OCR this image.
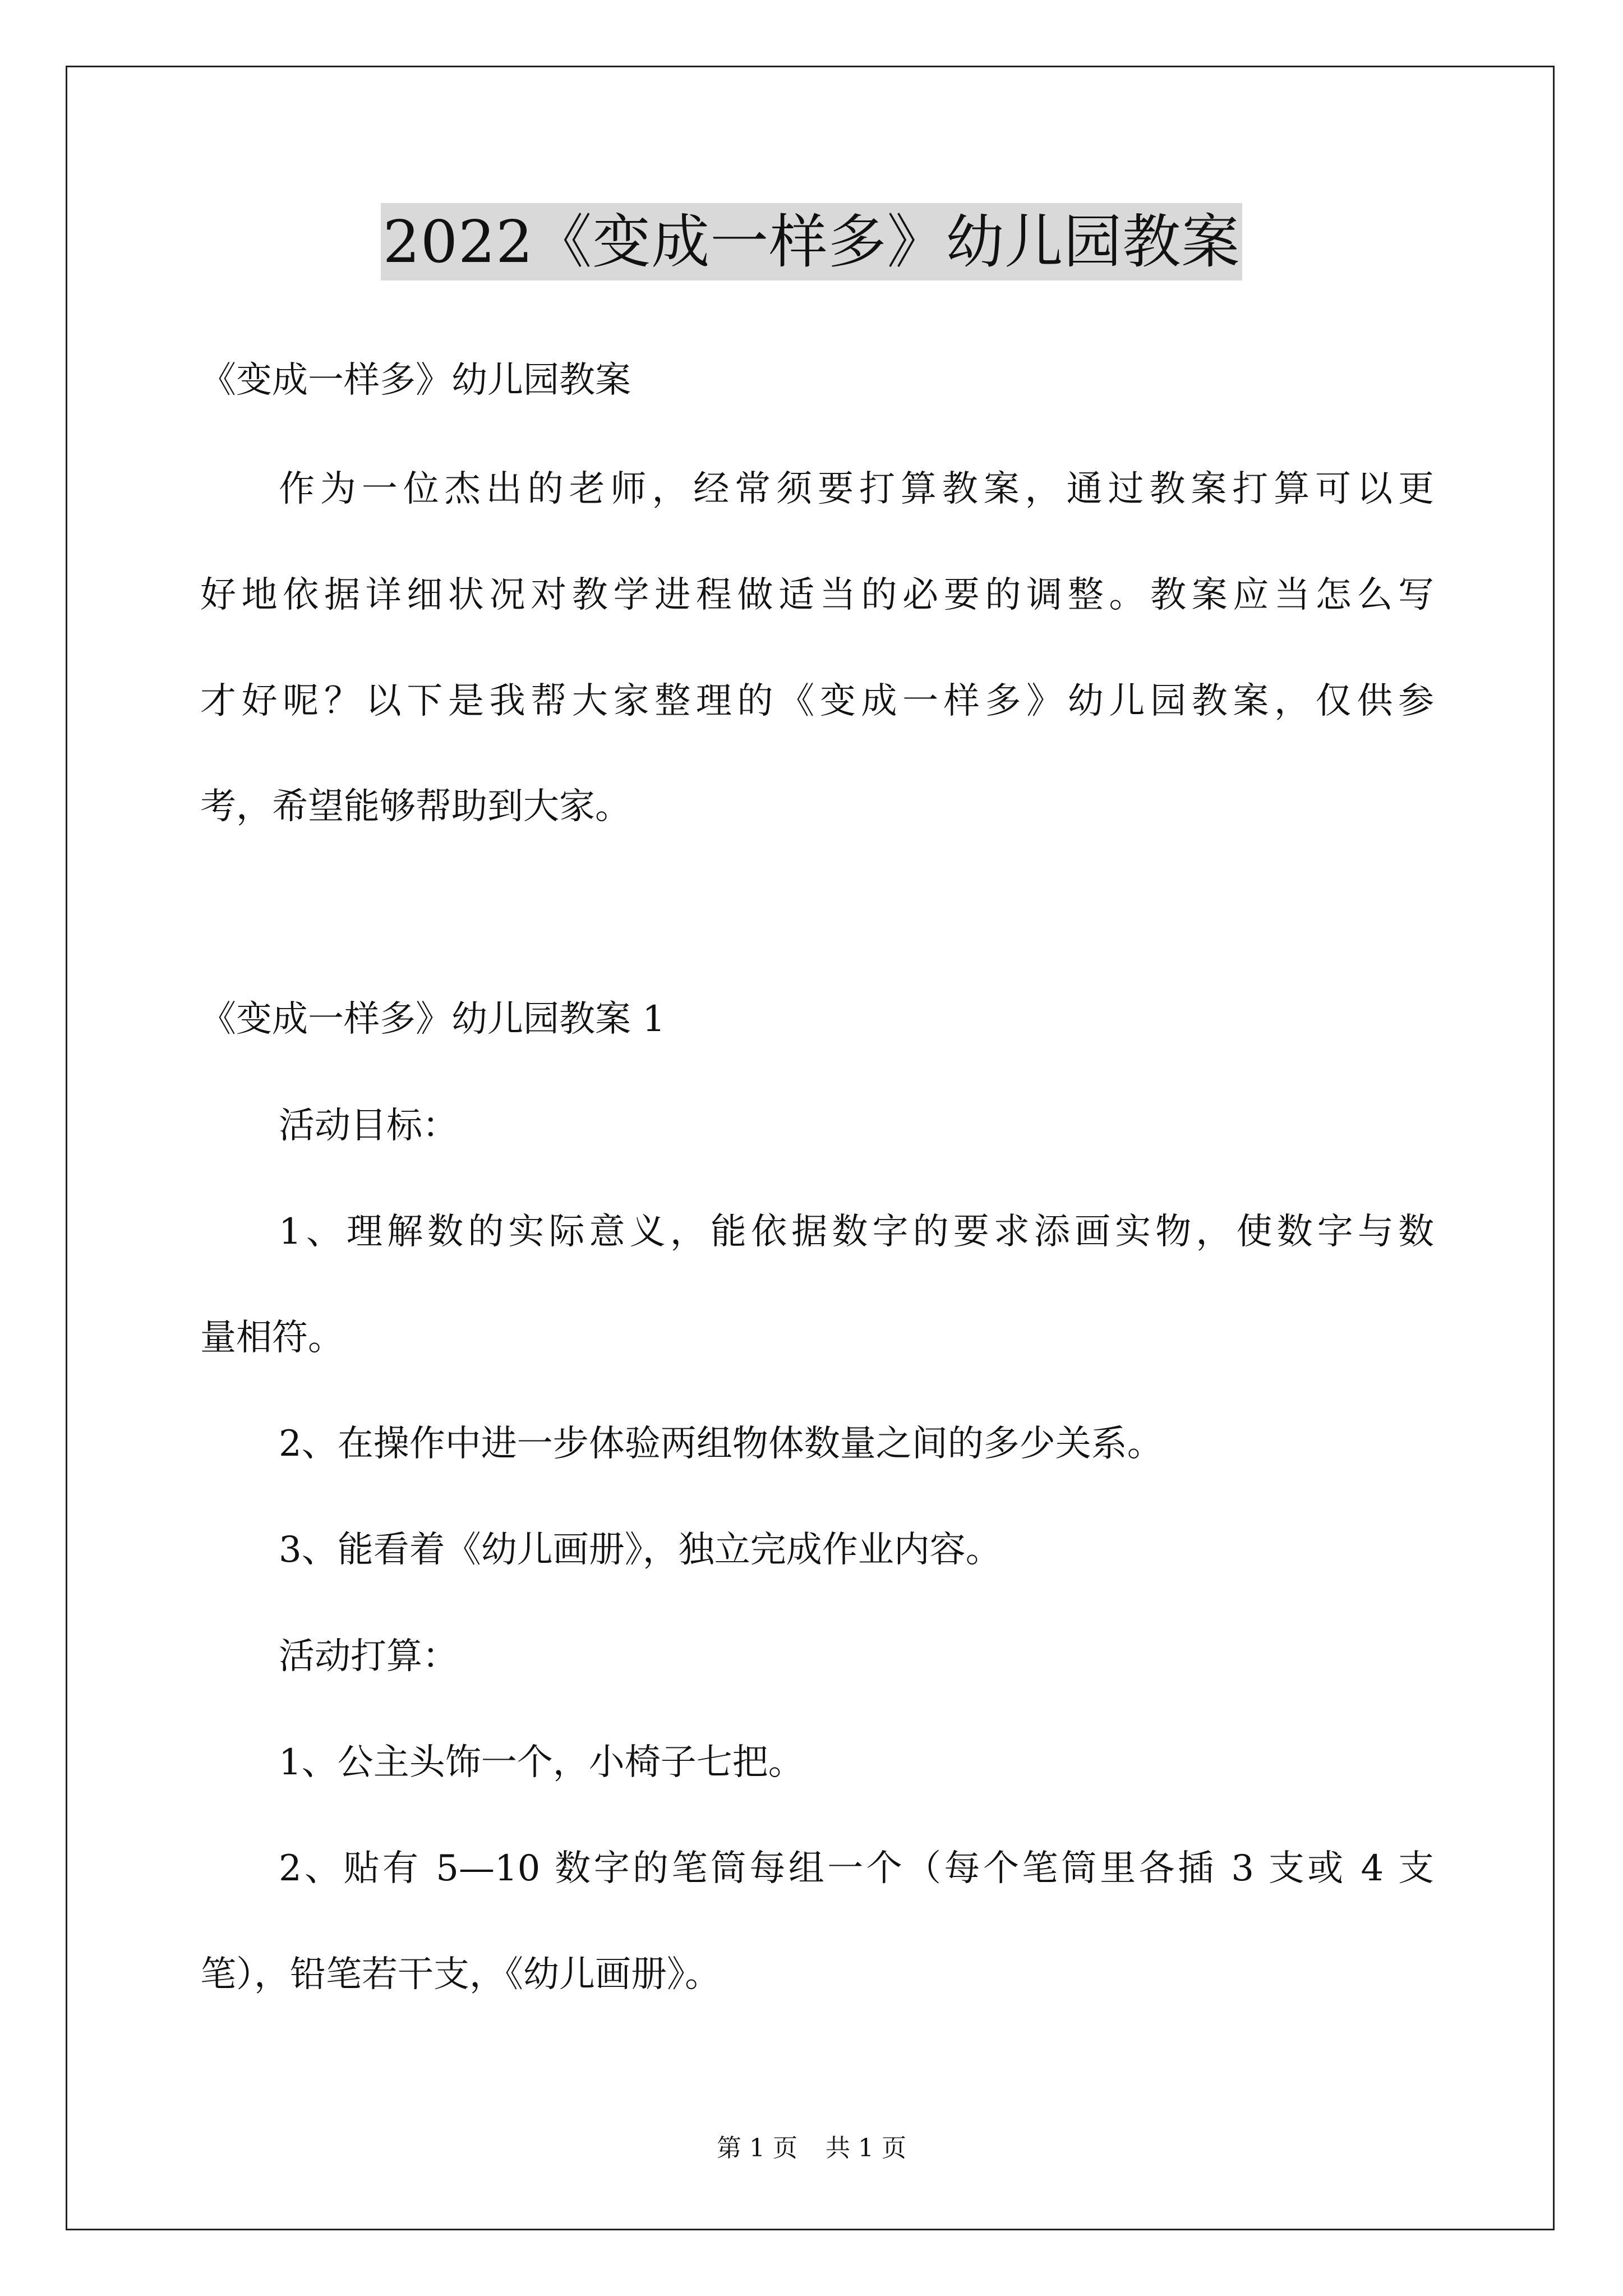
2022《变成一样多》幼儿园教案
《变成一样多》幼儿园教案
作为一位杰出的老师，经常须要打算教案，通过教案打算可以更
好地依据详细状况对教学进程做适当的必要的调整。教案应当怎么写
才好呢？以下是我帮大家整理的《变成一样多》幼儿园教案，仅供参
考，希望能够帮助到大家。
《变成一样多》幼儿园教案 1
活动目标：
1、理解数的实际意义，能依据数字的要求添画实物，使数字与数
量相符。
2、在操作中进一步体验两组物体数量之间的多少关系。
3、能看着《幼儿画册》，独立完成作业内容。
活动打算：
1、公主头饰一个，小椅子七把。
2、贴有 5—10 数字的笔筒每组一个（每个笔筒里各插 3 支或 4 支
笔），铅笔若干支，《幼儿画册》。
第 1 页 共 1 页
